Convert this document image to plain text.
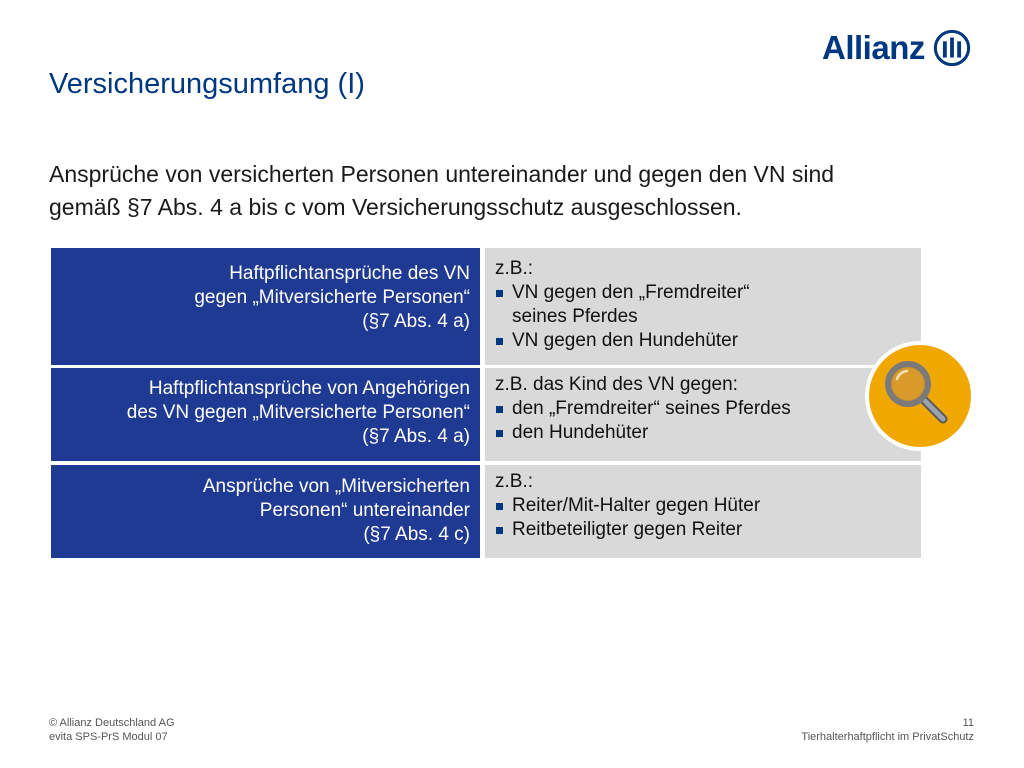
Allianz
Versicherungsumfang (I)

Ansprüche von versicherten Personen untereinander und gegen den VN sind
gemäß §7 Abs. 4 a bis c vom Versicherungsschutz ausgeschlossen.

Haftpflichtansprüche des VN
gegen „Mitversicherte Personen“
(§7 Abs. 4 a)
z.B.:
VN gegen den „Fremdreiter“
seines Pferdes
VN gegen den Hundehüter
Haftpflichtansprüche von Angehörigen
des VN gegen „Mitversicherte Personen“
(§7 Abs. 4 a)
z.B. das Kind des VN gegen:
den „Fremdreiter“ seines Pferdes
den Hundehüter
Ansprüche von „Mitversicherten
Personen“ untereinander
(§7 Abs. 4 c)
z.B.:
Reiter/Mit-Halter gegen Hüter
Reitbeteiligter gegen Reiter
© Allianz Deutschland AG
evita SPS-PrS Modul 07
11
Tierhalterhaftpflicht im PrivatSchutz
